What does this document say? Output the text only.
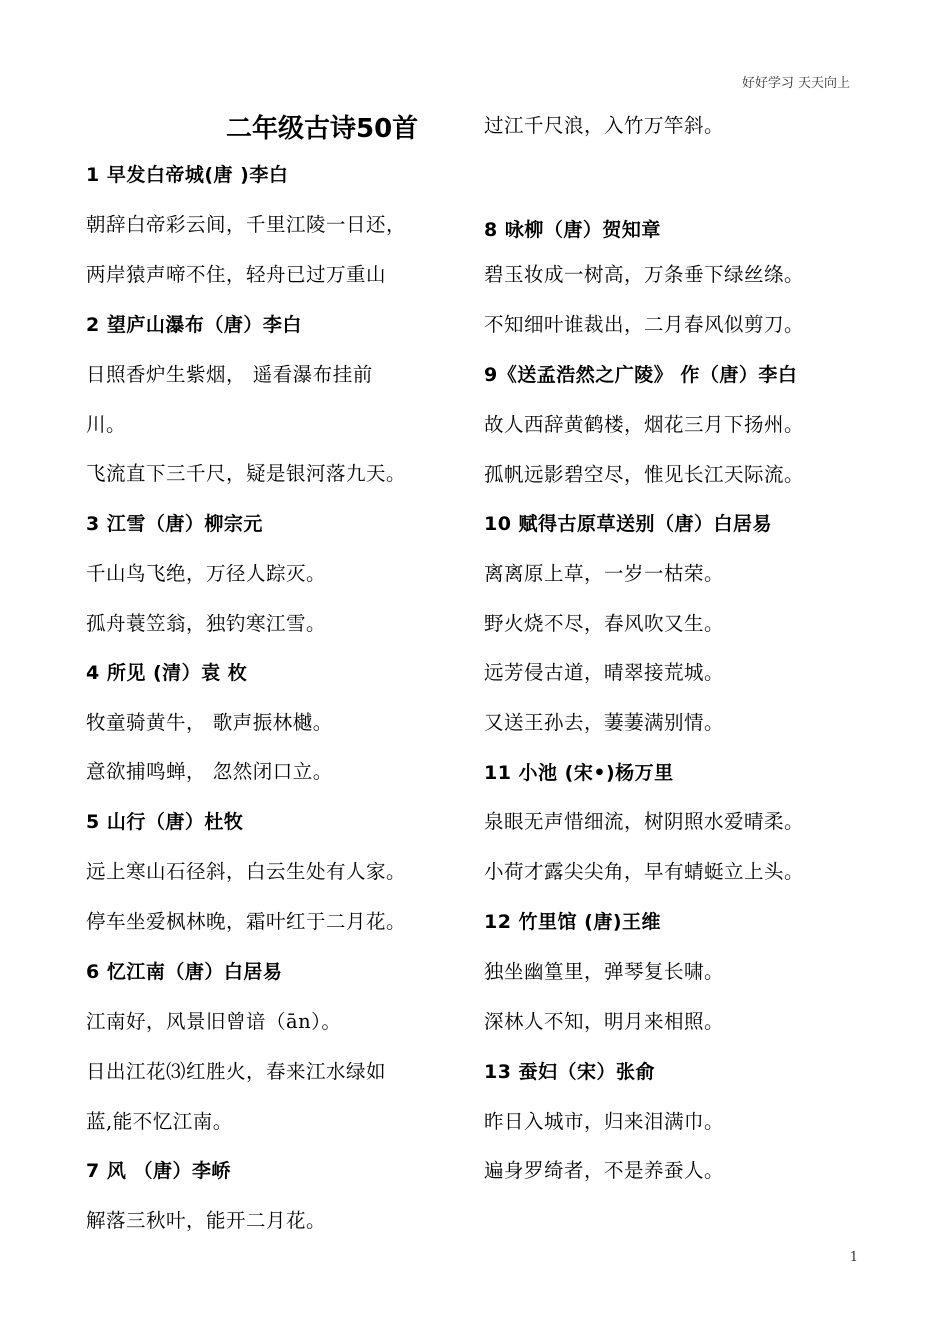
好好学习 天天向上
二年级古诗50首
1 早发白帝城(唐 )李白
朝辞白帝彩云间，千里江陵一日还，
两岸猿声啼不住，轻舟已过万重山
2 望庐山瀑布（唐）李白
日照香炉生紫烟， 遥看瀑布挂前
川。
飞流直下三千尺，疑是银河落九天。
3 江雪（唐）柳宗元
千山鸟飞绝，万径人踪灭。
孤舟蓑笠翁，独钓寒江雪。
4 所见 (清）袁 枚
牧童骑黄牛， 歌声振林樾。
意欲捕鸣蝉， 忽然闭口立。
5 山行（唐）杜牧
远上寒山石径斜，白云生处有人家。
停车坐爱枫林晚，霜叶红于二月花。
6 忆江南（唐）白居易
江南好，风景旧曾谙（ān）。
日出江花⑶红胜火，春来江水绿如
蓝,能不忆江南。
7 风 （唐）李峤
解落三秋叶，能开二月花。
过江千尺浪，入竹万竿斜。
8 咏柳（唐）贺知章
碧玉妆成一树高，万条垂下绿丝绦。
不知细叶谁裁出，二月春风似剪刀。
9《送孟浩然之广陵》 作（唐）李白
故人西辞黄鹤楼，烟花三月下扬州。
孤帆远影碧空尽，惟见长江天际流。
10 赋得古原草送别（唐）白居易
离离原上草，一岁一枯荣。
野火烧不尽，春风吹又生。
远芳侵古道，晴翠接荒城。
又送王孙去，萋萋满别情。
11 小池 (宋•)杨万里
泉眼无声惜细流，树阴照水爱晴柔。
小荷才露尖尖角，早有蜻蜓立上头。
12 竹里馆 (唐)王维
独坐幽篁里，弹琴复长啸。
深林人不知，明月来相照。
13 蚕妇（宋）张俞
昨日入城市，归来泪满巾。
遍身罗绮者，不是养蚕人。
1
